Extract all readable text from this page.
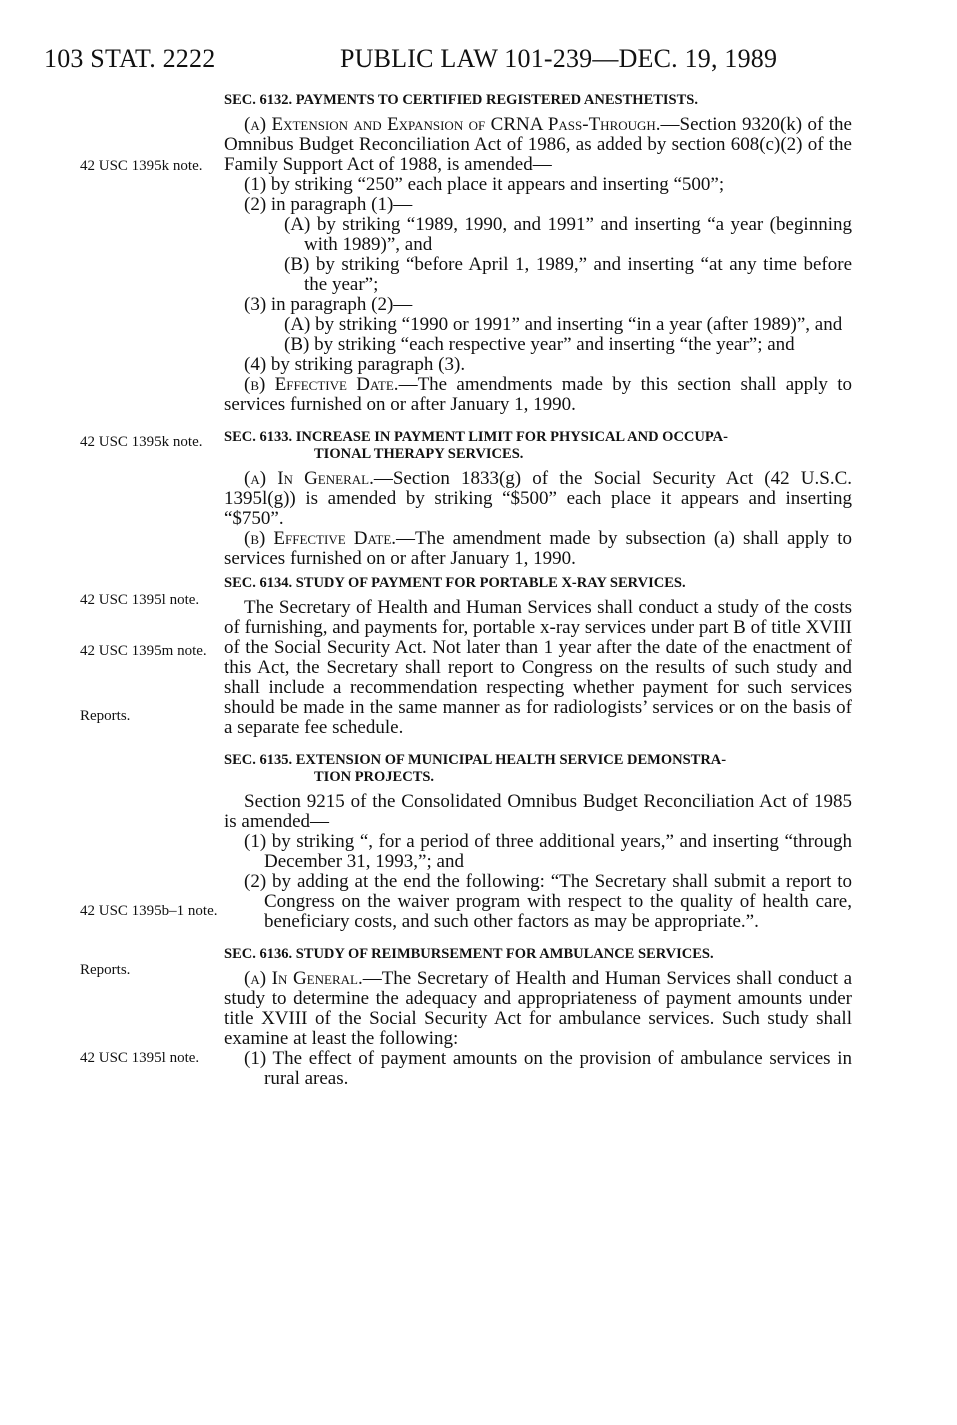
103 STAT. 2222	PUBLIC LAW 101-239—DEC. 19, 1989
42 USC 1395k note.
42 USC 1395k note.
42 USC 1395l note.
42 USC 1395m note.
Reports.
42 USC 1395b–1 note.
Reports.
42 USC 1395l note.
SEC. 6132. PAYMENTS TO CERTIFIED REGISTERED ANESTHETISTS.

(a) Extension and Expansion of CRNA Pass-Through.—Section 9320(k) of the Omnibus Budget Reconciliation Act of 1986, as added by section 608(c)(2) of the Family Support Act of 1988, is amended—

(1) by striking “250” each place it appears and inserting “500”;

(2) in paragraph (1)—

(A) by striking “1989, 1990, and 1991” and inserting “a year (beginning with 1989)”, and

(B) by striking “before April 1, 1989,” and inserting “at any time before the year”;

(3) in paragraph (2)—

(A) by striking “1990 or 1991” and inserting “in a year (after 1989)”, and

(B) by striking “each respective year” and inserting “the year”; and

(4) by striking paragraph (3).

(b) Effective Date.—The amendments made by this section shall apply to services furnished on or after January 1, 1990.

SEC. 6133. INCREASE IN PAYMENT LIMIT FOR PHYSICAL AND OCCUPA-
TIONAL THERAPY SERVICES.

(a) In General.—Section 1833(g) of the Social Security Act (42 U.S.C. 1395l(g)) is amended by striking “$500” each place it appears and inserting “$750”.

(b) Effective Date.—The amendment made by subsection (a) shall apply to services furnished on or after January 1, 1990.

SEC. 6134. STUDY OF PAYMENT FOR PORTABLE X-RAY SERVICES.

The Secretary of Health and Human Services shall conduct a study of the costs of furnishing, and payments for, portable x-ray services under part B of title XVIII of the Social Security Act. Not later than 1 year after the date of the enactment of this Act, the Secretary shall report to Congress on the results of such study and shall include a recommendation respecting whether payment for such services should be made in the same manner as for radiologists’ services or on the basis of a separate fee schedule.

SEC. 6135. EXTENSION OF MUNICIPAL HEALTH SERVICE DEMONSTRA-
TION PROJECTS.

Section 9215 of the Consolidated Omnibus Budget Reconciliation Act of 1985 is amended—

(1) by striking “, for a period of three additional years,” and inserting “through December 31, 1993,”; and

(2) by adding at the end the following: “The Secretary shall submit a report to Congress on the waiver program with respect to the quality of health care, beneficiary costs, and such other factors as may be appropriate.”.

SEC. 6136. STUDY OF REIMBURSEMENT FOR AMBULANCE SERVICES.

(a) In General.—The Secretary of Health and Human Services shall conduct a study to determine the adequacy and appropriateness of payment amounts under title XVIII of the Social Security Act for ambulance services. Such study shall examine at least the following:

(1) The effect of payment amounts on the provision of ambulance services in rural areas.
